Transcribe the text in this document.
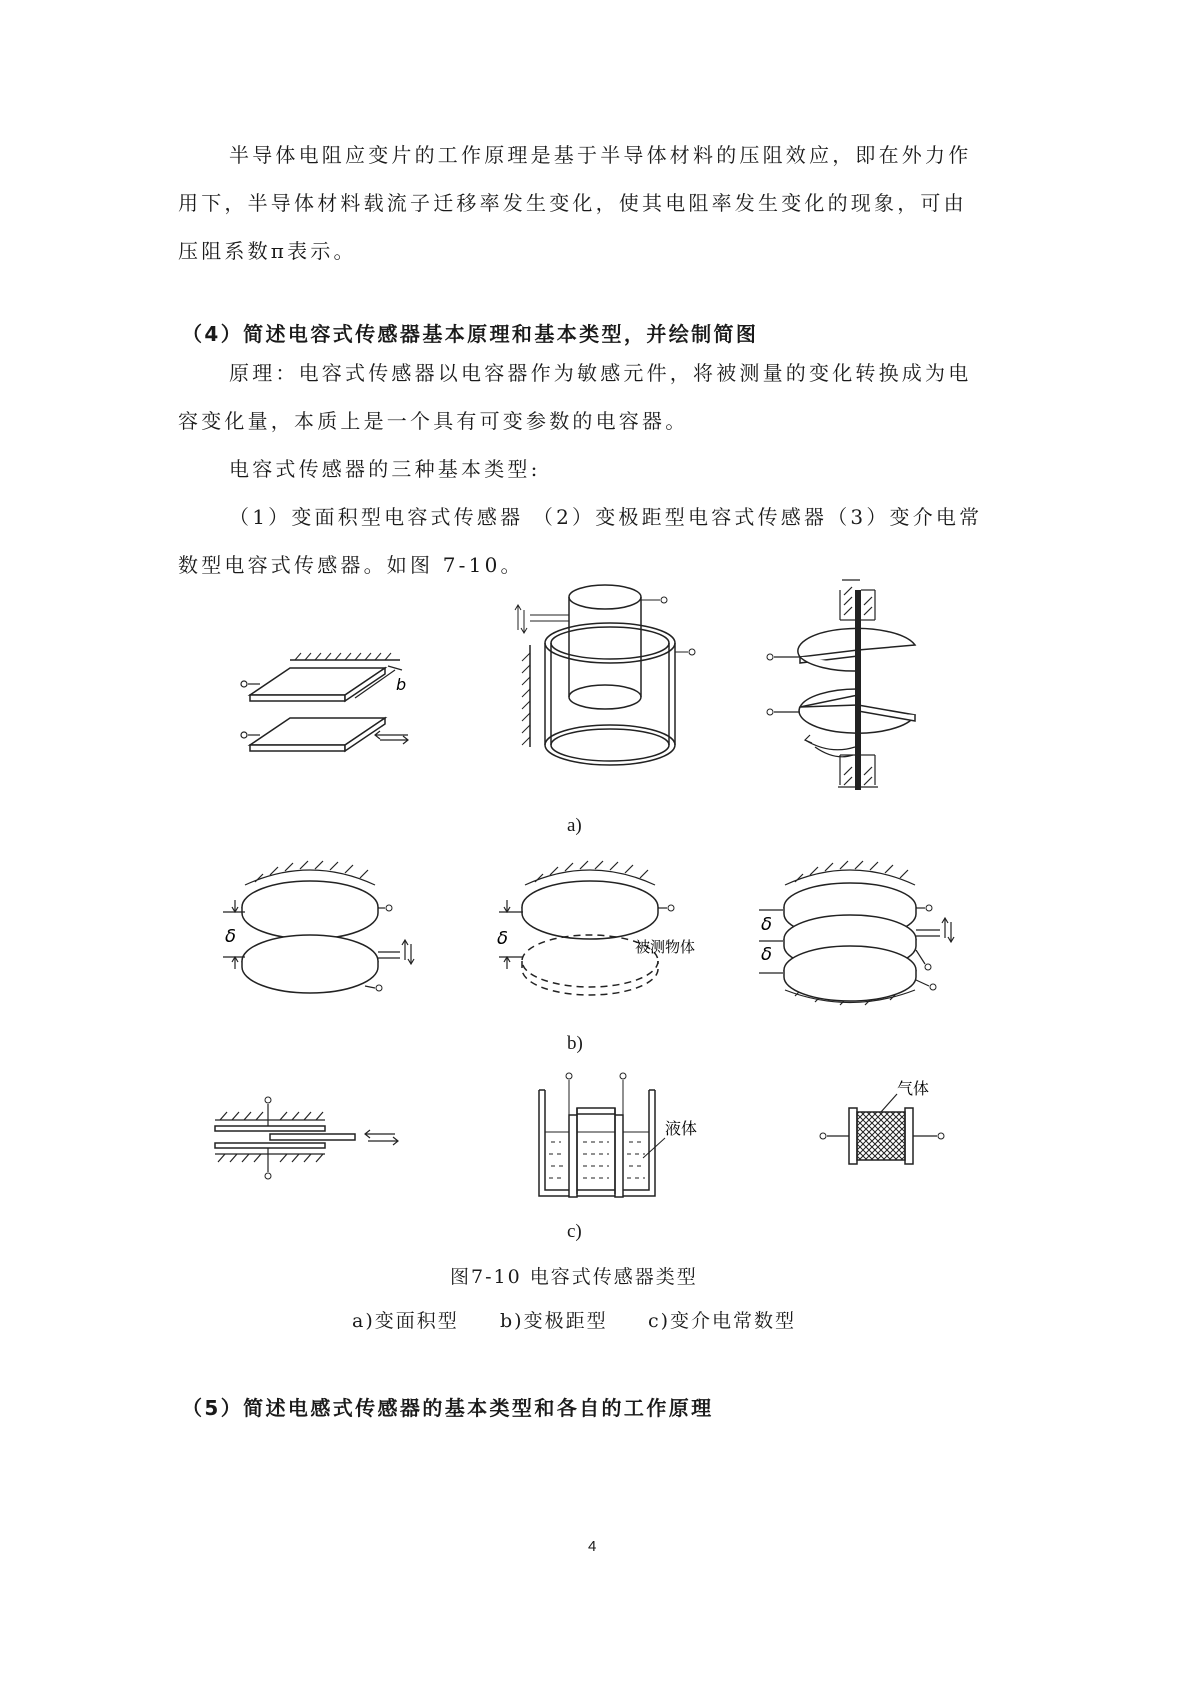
半导体电阻应变片的工作原理是基于半导体材料的压阻效应，即在外力作

用下，半导体材料载流子迁移率发生变化，使其电阻率发生变化的现象，可由

压阻系数π表示。

（4）简述电容式传感器基本原理和基本类型，并绘制简图

原理：电容式传感器以电容器作为敏感元件，将被测量的变化转换成为电

容变化量，本质上是一个具有可变参数的电容器。

电容式传感器的三种基本类型:

（1）变面积型电容式传感器 （2）变极距型电容式传感器（3）变介电常

数型电容式传感器。如图 7-10。

b
a)
δ	δ	被测物体
δ
δ
b)
液体
气体
c)
图7-10 电容式传感器类型
a)变面积型 b)变极距型 c)变介电常数型
（5）简述电感式传感器的基本类型和各自的工作原理
4
